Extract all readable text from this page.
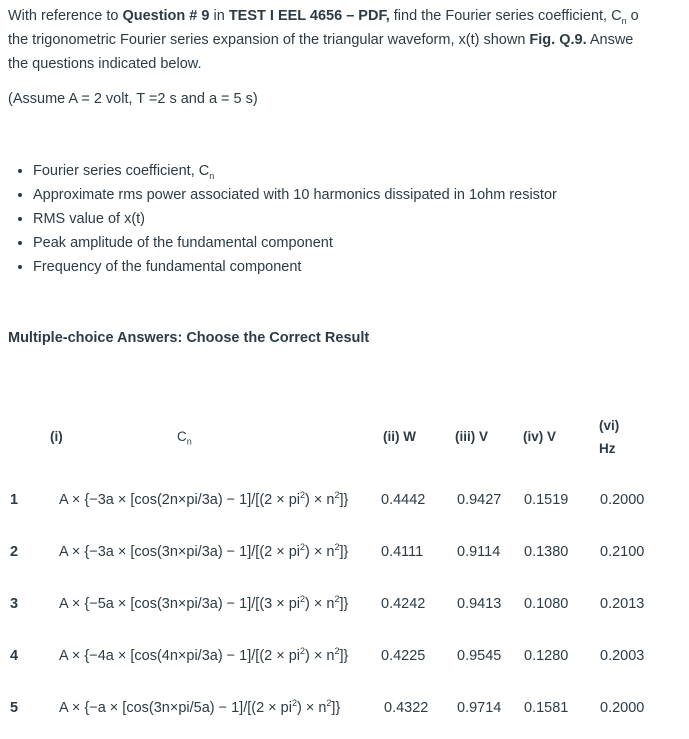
With reference to Question # 9 in TEST I EEL 4656 – PDF, find the Fourier series coefficient, $C_n$ o

the trigonometric Fourier series expansion of the triangular waveform, x(t) shown Fig. Q.9. Answe

the questions indicated below.

(Assume A = 2 volt, T =2 s and a = 5 s)
• Fourier series coefficient, $C_n$
• Approximate rms power associated with 10 harmonics dissipated in 1ohm resistor
• RMS value of x(t)
• Peak amplitude of the fundamental component
• Frequency of the fundamental component
Multiple-choice Answers: Choose the Correct Result
(i)	$C_n$	(ii) W	(iii) V	(iv) V
(vi)
Hz
1	$A \times \{-3a \times [\cos(2n\times pi/3a) - 1]/[(2 \times pi^2) \times n^2]\}$ 0.4442 0.9427 0.1519 0.2000
2	$A \times \{-3a \times [\cos(3n\times pi/3a) - 1]/[(2 \times pi^2) \times n^2]\}$ 0.4111 0.9114 0.1380 0.2100
3	$A \times \{-5a \times [\cos(3n\times pi/3a) - 1]/[(3 \times pi^2) \times n^2]\}$ 0.4242 0.9413 0.1080 0.2013
4	$A \times \{-4a \times [\cos(4n\times pi/3a) - 1]/[(2 \times pi^2) \times n^2]\}$ 0.4225 0.9545 0.1280 0.2003
5	$A \times \{-a \times [\cos(3n\times pi/5a) - 1]/[(2 \times pi^2) \times n^2]\}$	0.4322 0.9714 0.1581 0.2000
